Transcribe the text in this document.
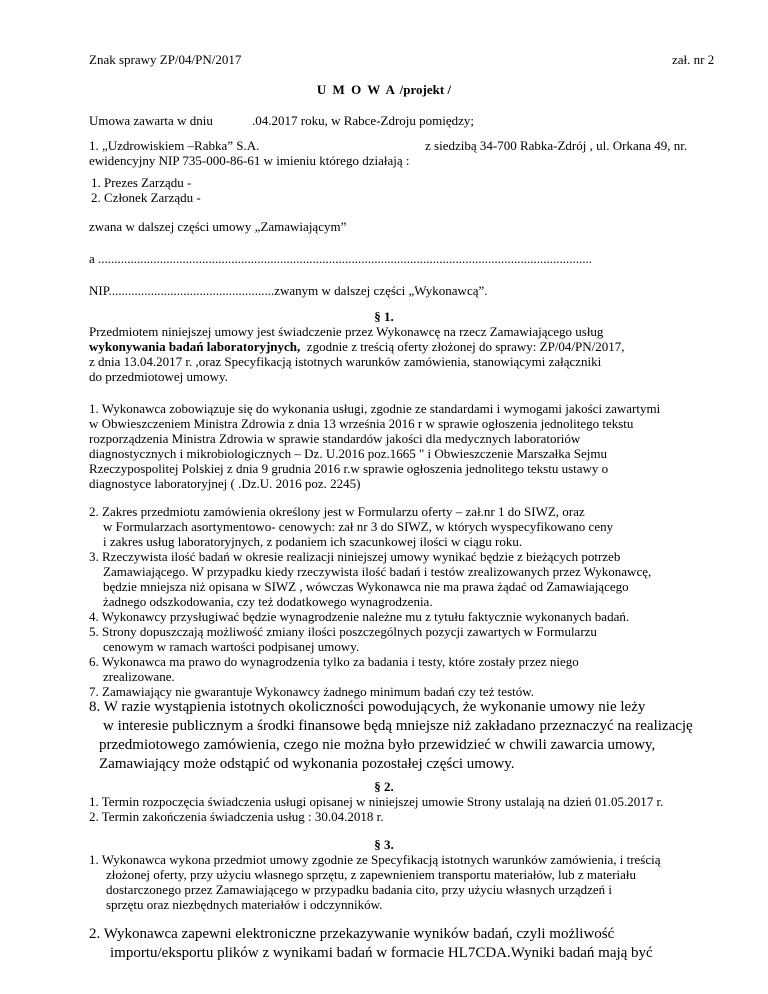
Znak sprawy ZP/04/PN/2017	zał. nr 2
U M O W A /projekt /
Umowa zawarta w dniu	.04.2017 roku, w Rabce-Zdroju pomiędzy;
1. „Uzdrowiskiem –Rabka” S.A.	z siedzibą 34-700 Rabka-Zdrój , ul. Orkana 49, nr.
ewidencyjny NIP 735-000-86-61 w imieniu którego działają :
1. Prezes Zarządu -
2. Członek Zarządu -
zwana w dalszej części umowy „Zamawiającym”
a ........................................................................................................................................................
NIP...................................................zwanym w dalszej części „Wykonawcą”.
§ 1.
Przedmiotem niniejszej umowy jest świadczenie przez Wykonawcę na rzecz Zamawiającego usług
wykonywania badań laboratoryjnych, zgodnie z treścią oferty złożonej do sprawy: ZP/04/PN/2017,
z dnia 13.04.2017 r. ,oraz Specyfikacją istotnych warunków zamówienia, stanowiącymi załączniki
do przedmiotowej umowy.
1. Wykonawca zobowiązuje się do wykonania usługi, zgodnie ze standardami i wymogami jakości zawartymi
w Obwieszczeniem Ministra Zdrowia z dnia 13 września 2016 r w sprawie ogłoszenia jednolitego tekstu
rozporządzenia Ministra Zdrowia w sprawie standardów jakości dla medycznych laboratoriów
diagnostycznych i mikrobiologicznych – Dz. U.2016 poz.1665 " i Obwieszczenie Marszałka Sejmu
Rzeczypospolitej Polskiej z dnia 9 grudnia 2016 r.w sprawie ogłoszenia jednolitego tekstu ustawy o
diagnostyce laboratoryjnej ( .Dz.U. 2016 poz. 2245)
2. Zakres przedmiotu zamówienia określony jest w Formularzu oferty – zał.nr 1 do SIWZ, oraz
w Formularzach asortymentowo- cenowych: zał nr 3 do SIWZ, w których wyspecyfikowano ceny
i zakres usług laboratoryjnych, z podaniem ich szacunkowej ilości w ciągu roku.
3. Rzeczywista ilość badań w okresie realizacji niniejszej umowy wynikać będzie z bieżących potrzeb
Zamawiającego. W przypadku kiedy rzeczywista ilość badań i testów zrealizowanych przez Wykonawcę,
będzie mniejsza niż opisana w SIWZ , wówczas Wykonawca nie ma prawa żądać od Zamawiającego
żadnego odszkodowania, czy też dodatkowego wynagrodzenia.
4. Wykonawcy przysługiwać będzie wynagrodzenie należne mu z tytułu faktycznie wykonanych badań.
5. Strony dopuszczają możliwość zmiany ilości poszczególnych pozycji zawartych w Formularzu
cenowym w ramach wartości podpisanej umowy.
6. Wykonawca ma prawo do wynagrodzenia tylko za badania i testy, które zostały przez niego
zrealizowane.
7. Zamawiający nie gwarantuje Wykonawcy żadnego minimum badań czy też testów.
8. W razie wystąpienia istotnych okoliczności powodujących, że wykonanie umowy nie leży
w interesie publicznym a środki finansowe będą mniejsze niż zakładano przeznaczyć na realizację
przedmiotowego zamówienia, czego nie można było przewidzieć w chwili zawarcia umowy,
Zamawiający może odstąpić od wykonania pozostałej części umowy.
§ 2.
1. Termin rozpoczęcia świadczenia usługi opisanej w niniejszej umowie Strony ustalają na dzień 01.05.2017 r.
2. Termin zakończenia świadczenia usług : 30.04.2018 r.
§ 3.
1. Wykonawca wykona przedmiot umowy zgodnie ze Specyfikacją istotnych warunków zamówienia, i treścią
złożonej oferty, przy użyciu własnego sprzętu, z zapewnieniem transportu materiałów, lub z materiału
dostarczonego przez Zamawiającego w przypadku badania cito, przy użyciu własnych urządzeń i
sprzętu oraz niezbędnych materiałów i odczynników.
2. Wykonawca zapewni elektroniczne przekazywanie wyników badań, czyli możliwość
importu/eksportu plików z wynikami badań w formacie HL7CDA.Wyniki badań mają być
